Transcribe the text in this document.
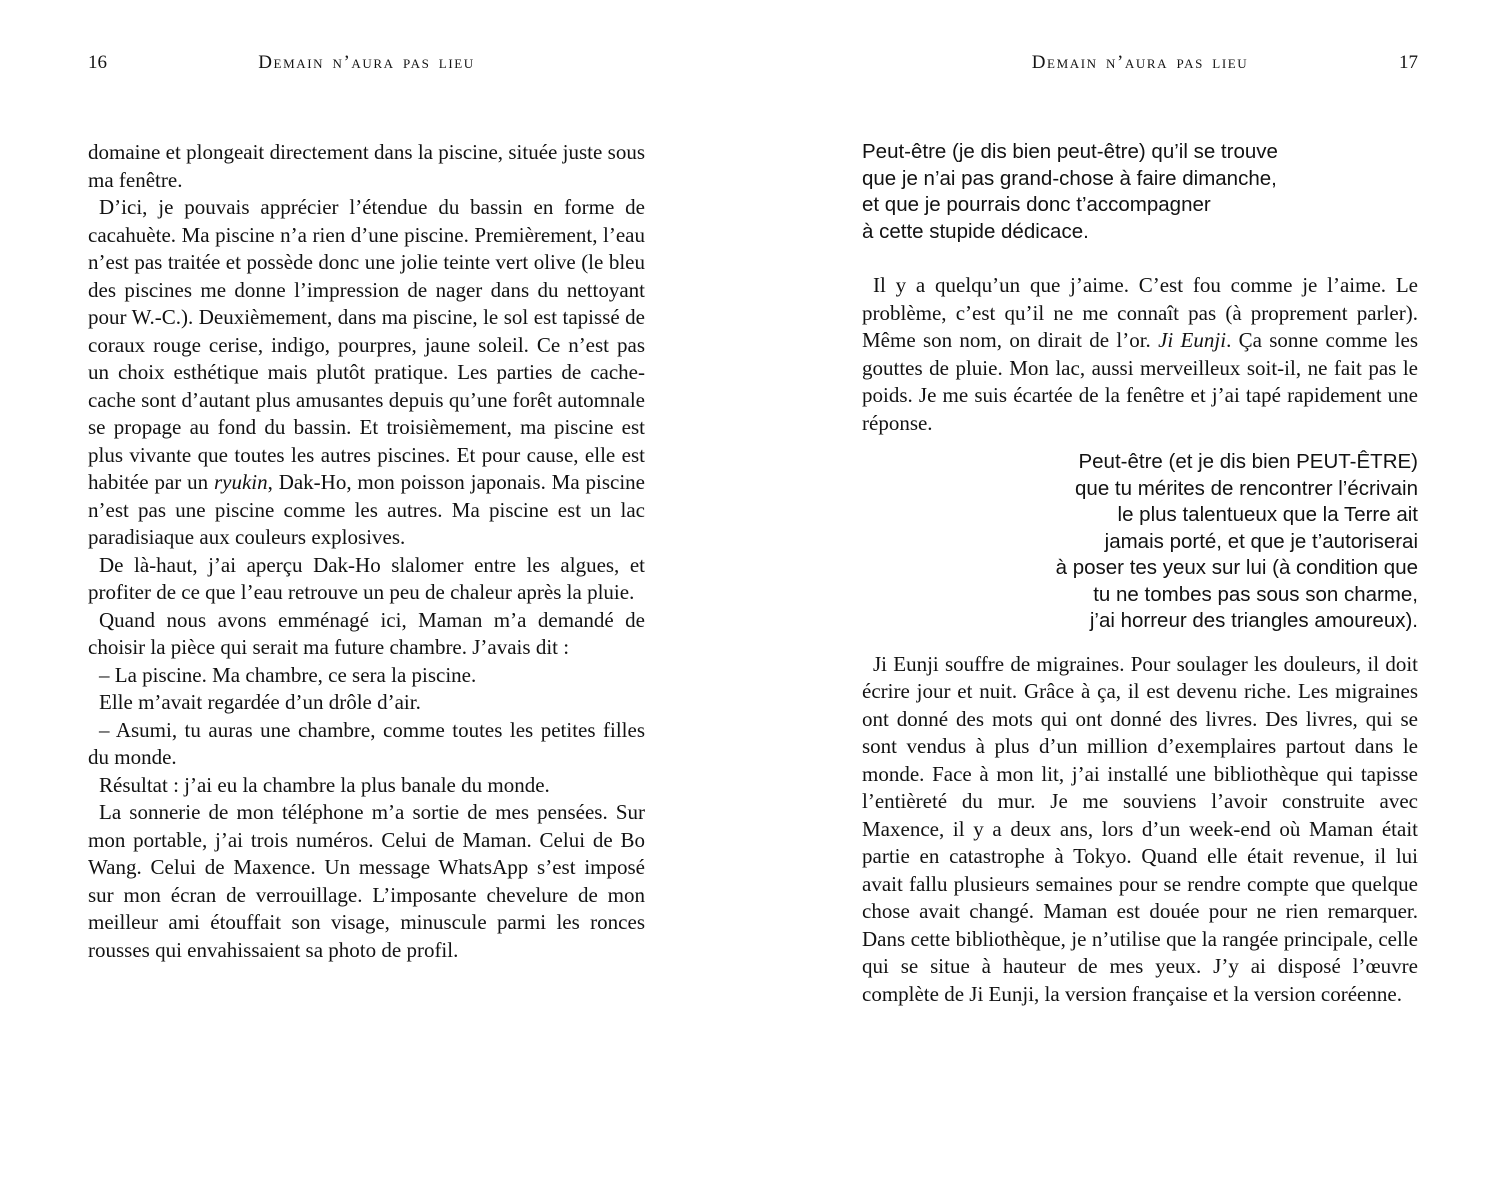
16	Demain n’aura pas lieu

domaine et plongeait directement dans la piscine, située juste sous ma fenêtre.

D’ici, je pouvais apprécier l’étendue du bassin en forme de cacahuète. Ma piscine n’a rien d’une piscine. Premièrement, l’eau n’est pas traitée et possède donc une jolie teinte vert olive (le bleu des piscines me donne l’impression de nager dans du nettoyant pour W.-C.). Deuxièmement, dans ma piscine, le sol est tapissé de coraux rouge cerise, indigo, pourpres, jaune soleil. Ce n’est pas un choix esthétique mais plutôt pratique. Les parties de cache-cache sont d’autant plus amusantes depuis qu’une forêt automnale se propage au fond du bassin. Et troisièmement, ma piscine est plus vivante que toutes les autres piscines. Et pour cause, elle est habitée par un ryukin, Dak-Ho, mon poisson japonais. Ma piscine n’est pas une piscine comme les autres. Ma piscine est un lac paradisiaque aux couleurs explosives.

De là-haut, j’ai aperçu Dak-Ho slalomer entre les algues, et profiter de ce que l’eau retrouve un peu de chaleur après la pluie.

Quand nous avons emménagé ici, Maman m’a demandé de choisir la pièce qui serait ma future chambre. J’avais dit :

– La piscine. Ma chambre, ce sera la piscine.

Elle m’avait regardée d’un drôle d’air.

– Asumi, tu auras une chambre, comme toutes les petites filles du monde.

Résultat : j’ai eu la chambre la plus banale du monde.

La sonnerie de mon téléphone m’a sortie de mes pensées. Sur mon portable, j’ai trois numéros. Celui de Maman. Celui de Bo Wang. Celui de Maxence. Un message WhatsApp s’est imposé sur mon écran de verrouillage. L’imposante chevelure de mon meilleur ami étouffait son visage, minuscule parmi les ronces rousses qui envahissaient sa photo de profil.

Demain n’aura pas lieu	17
Peut-être (je dis bien peut-être) qu’il se trouve
que je n’ai pas grand-chose à faire dimanche,
et que je pourrais donc t’accompagner
à cette stupide dédicace.

Il y a quelqu’un que j’aime. C’est fou comme je l’aime. Le problème, c’est qu’il ne me connaît pas (à proprement parler). Même son nom, on dirait de l’or. Ji Eunji. Ça sonne comme les gouttes de pluie. Mon lac, aussi merveilleux soit-il, ne fait pas le poids. Je me suis écartée de la fenêtre et j’ai tapé rapidement une réponse.

Peut-être (et je dis bien PEUT-ÊTRE)
que tu mérites de rencontrer l’écrivain
le plus talentueux que la Terre ait
jamais porté, et que je t’autoriserai
à poser tes yeux sur lui (à condition que
tu ne tombes pas sous son charme,
j’ai horreur des triangles amoureux).

Ji Eunji souffre de migraines. Pour soulager les douleurs, il doit écrire jour et nuit. Grâce à ça, il est devenu riche. Les migraines ont donné des mots qui ont donné des livres. Des livres, qui se sont vendus à plus d’un million d’exemplaires partout dans le monde. Face à mon lit, j’ai installé une bibliothèque qui tapisse l’entièreté du mur. Je me souviens l’avoir construite avec Maxence, il y a deux ans, lors d’un week-end où Maman était partie en catastrophe à Tokyo. Quand elle était revenue, il lui avait fallu plusieurs semaines pour se rendre compte que quelque chose avait changé. Maman est douée pour ne rien remarquer. Dans cette bibliothèque, je n’utilise que la rangée principale, celle qui se situe à hauteur de mes yeux. J’y ai disposé l’œuvre complète de Ji Eunji, la version française et la version coréenne.
